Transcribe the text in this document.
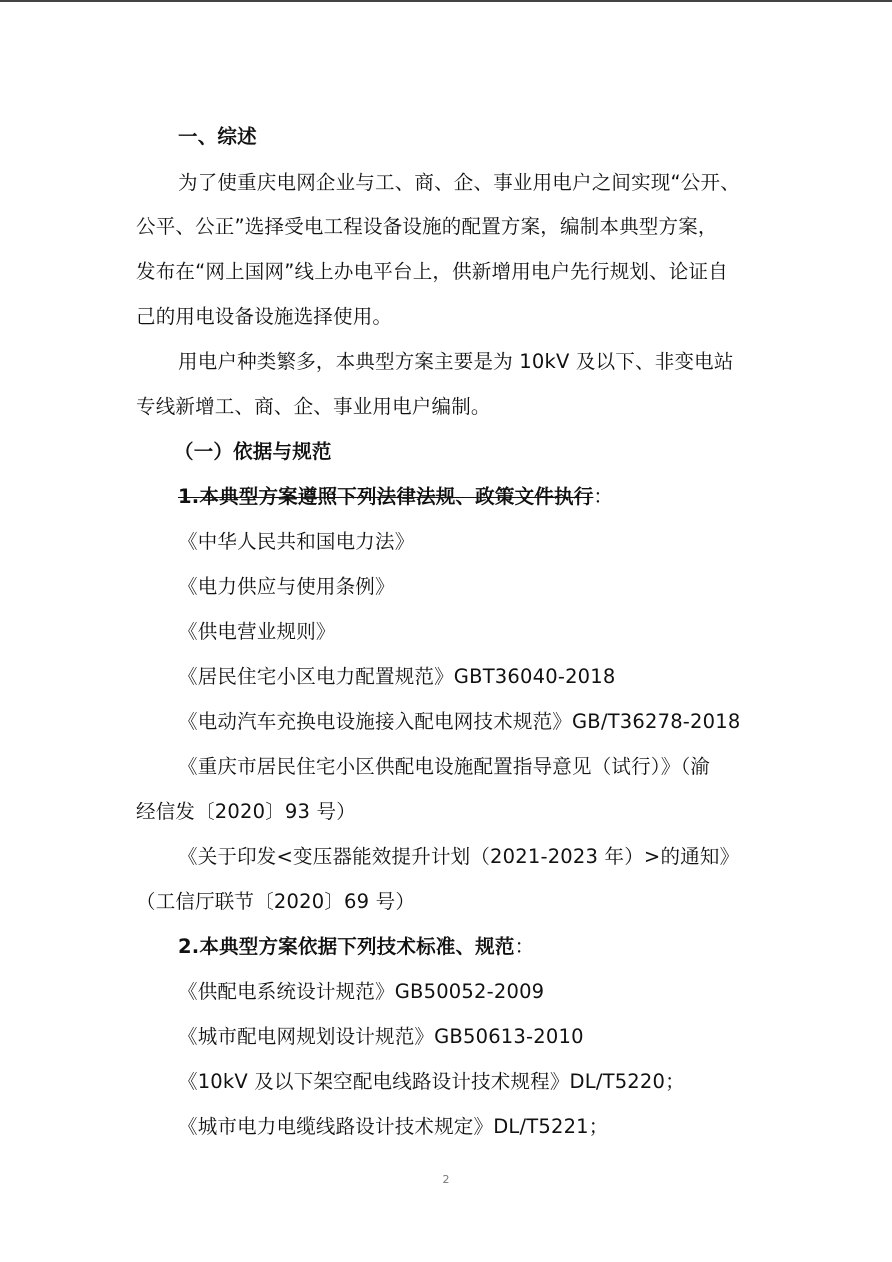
一、综述
为了使重庆电网企业与工、商、企、事业用电户之间实现“公开、
公平、公正”选择受电工程设备设施的配置方案，编制本典型方案，
发布在“网上国网”线上办电平台上，供新增用电户先行规划、论证自
己的用电设备设施选择使用。
用电户种类繁多，本典型方案主要是为 10kV 及以下、非变电站
专线新增工、商、企、事业用电户编制。
（一）依据与规范
1.本典型方案遵照下列法律法规、政策文件执行：
《中华人民共和国电力法》
《电力供应与使用条例》
《供电营业规则》
《居民住宅小区电力配置规范》GBT36040-2018
《电动汽车充换电设施接入配电网技术规范》GB/T36278-2018
《重庆市居民住宅小区供配电设施配置指导意见（试行）》（渝
经信发〔2020〕93 号）
《关于印发<变压器能效提升计划（2021-2023 年）>的通知》
（工信厅联节〔2020〕69 号）
2.本典型方案依据下列技术标准、规范：
《供配电系统设计规范》GB50052-2009
《城市配电网规划设计规范》GB50613-2010
《10kV 及以下架空配电线路设计技术规程》DL/T5220；
《城市电力电缆线路设计技术规定》DL/T5221；
2
